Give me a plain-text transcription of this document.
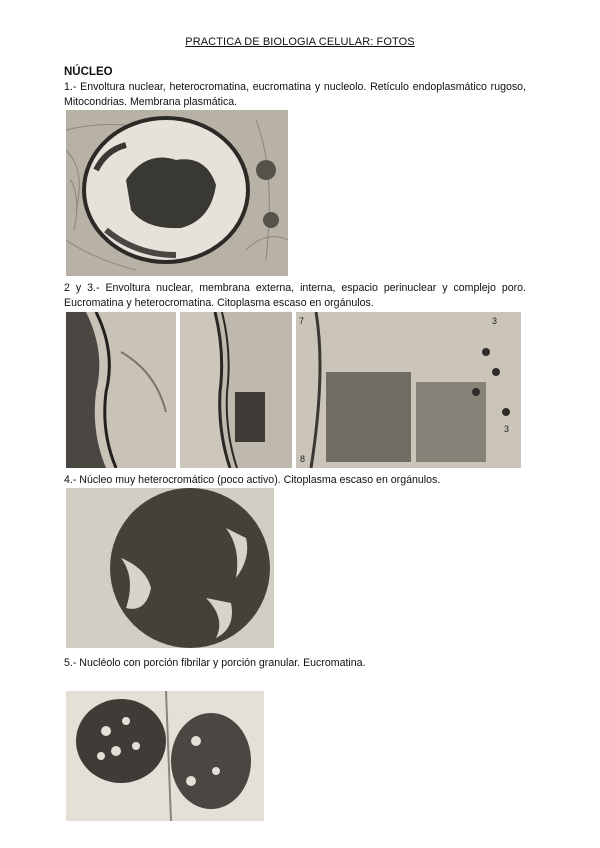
PRACTICA DE BIOLOGIA CELULAR: FOTOS
NÚCLEO
1.- Envoltura nuclear, heterocromatina, eucromatina y nucleolo. Retículo endoplasmático rugoso, Mitocondrias. Membrana plasmática.
2 y 3.- Envoltura nuclear, membrana externa, interna, espacio perinuclear y complejo poro. Eucromatina y heterocromatina. Citoplasma escaso en orgánulos.
3
8
3
7
4.- Núcleo muy heterocromático (poco activo). Citoplasma escaso en orgánulos.
5.- Nucléolo con porción fibrilar y porción granular. Eucromatina.
